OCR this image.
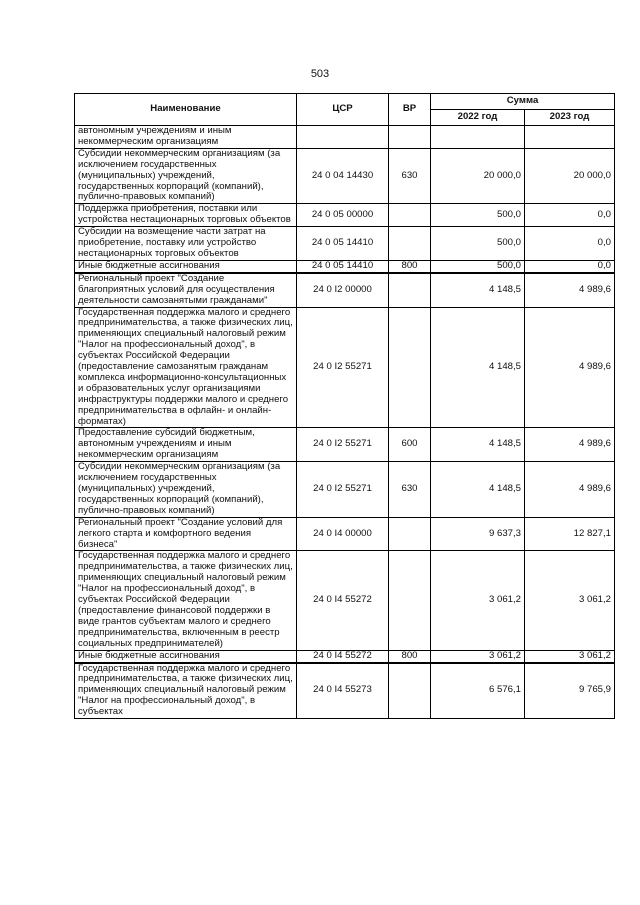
503
Наименование	ЦСР	ВР	Сумма	
			2022 год	2023 год
автономным учреждениям и иным некоммерческим организациям				
Субсидии некоммерческим организациям (за исключением государственных (муниципальных) учреждений, государственных корпораций (компаний), публично-правовых компаний)	24 0 04 14430	630	20 000,0	20 000,0
Поддержка приобретения, поставки или устройства нестационарных торговых объектов	24 0 05 00000		500,0	0,0
Субсидии на возмещение части затрат на приобретение, поставку или устройство нестационарных торговых объектов	24 0 05 14410		500,0	0,0
Иные бюджетные ассигнования	24 0 05 14410	800	500,0	0,0
Региональный проект "Создание благоприятных условий для осуществления деятельности самозанятыми гражданами"	24 0 I2 00000		4 148,5	4 989,6
Государственная поддержка малого и среднего предпринимательства, а также физических лиц, применяющих специальный налоговый режим "Налог на профессиональный доход", в субъектах Российской Федерации (предоставление самозанятым гражданам комплекса информационно-консультационных и образовательных услуг организациями инфраструктуры поддержки малого и среднего предпринимательства в офлайн- и онлайн-форматах)	24 0 I2 55271		4 148,5	4 989,6
Предоставление субсидий бюджетным, автономным учреждениям и иным некоммерческим организациям	24 0 I2 55271	600	4 148,5	4 989,6
Субсидии некоммерческим организациям (за исключением государственных (муниципальных) учреждений, государственных корпораций (компаний), публично-правовых компаний)	24 0 I2 55271	630	4 148,5	4 989,6
Региональный проект "Создание условий для легкого старта и комфортного ведения бизнеса"	24 0 I4 00000		9 637,3	12 827,1
Государственная поддержка малого и среднего предпринимательства, а также физических лиц, применяющих специальный налоговый режим "Налог на профессиональный доход", в субъектах Российской Федерации (предоставление финансовой поддержки в виде грантов субъектам малого и среднего предпринимательства, включенным в реестр социальных предпринимателей)	24 0 I4 55272		3 061,2	3 061,2
Иные бюджетные ассигнования	24 0 I4 55272	800	3 061,2	3 061,2
Государственная поддержка малого и среднего предпринимательства, а также физических лиц, применяющих специальный налоговый режим "Налог на профессиональный доход", в субъектах	24 0 I4 55273		6 576,1	9 765,9
